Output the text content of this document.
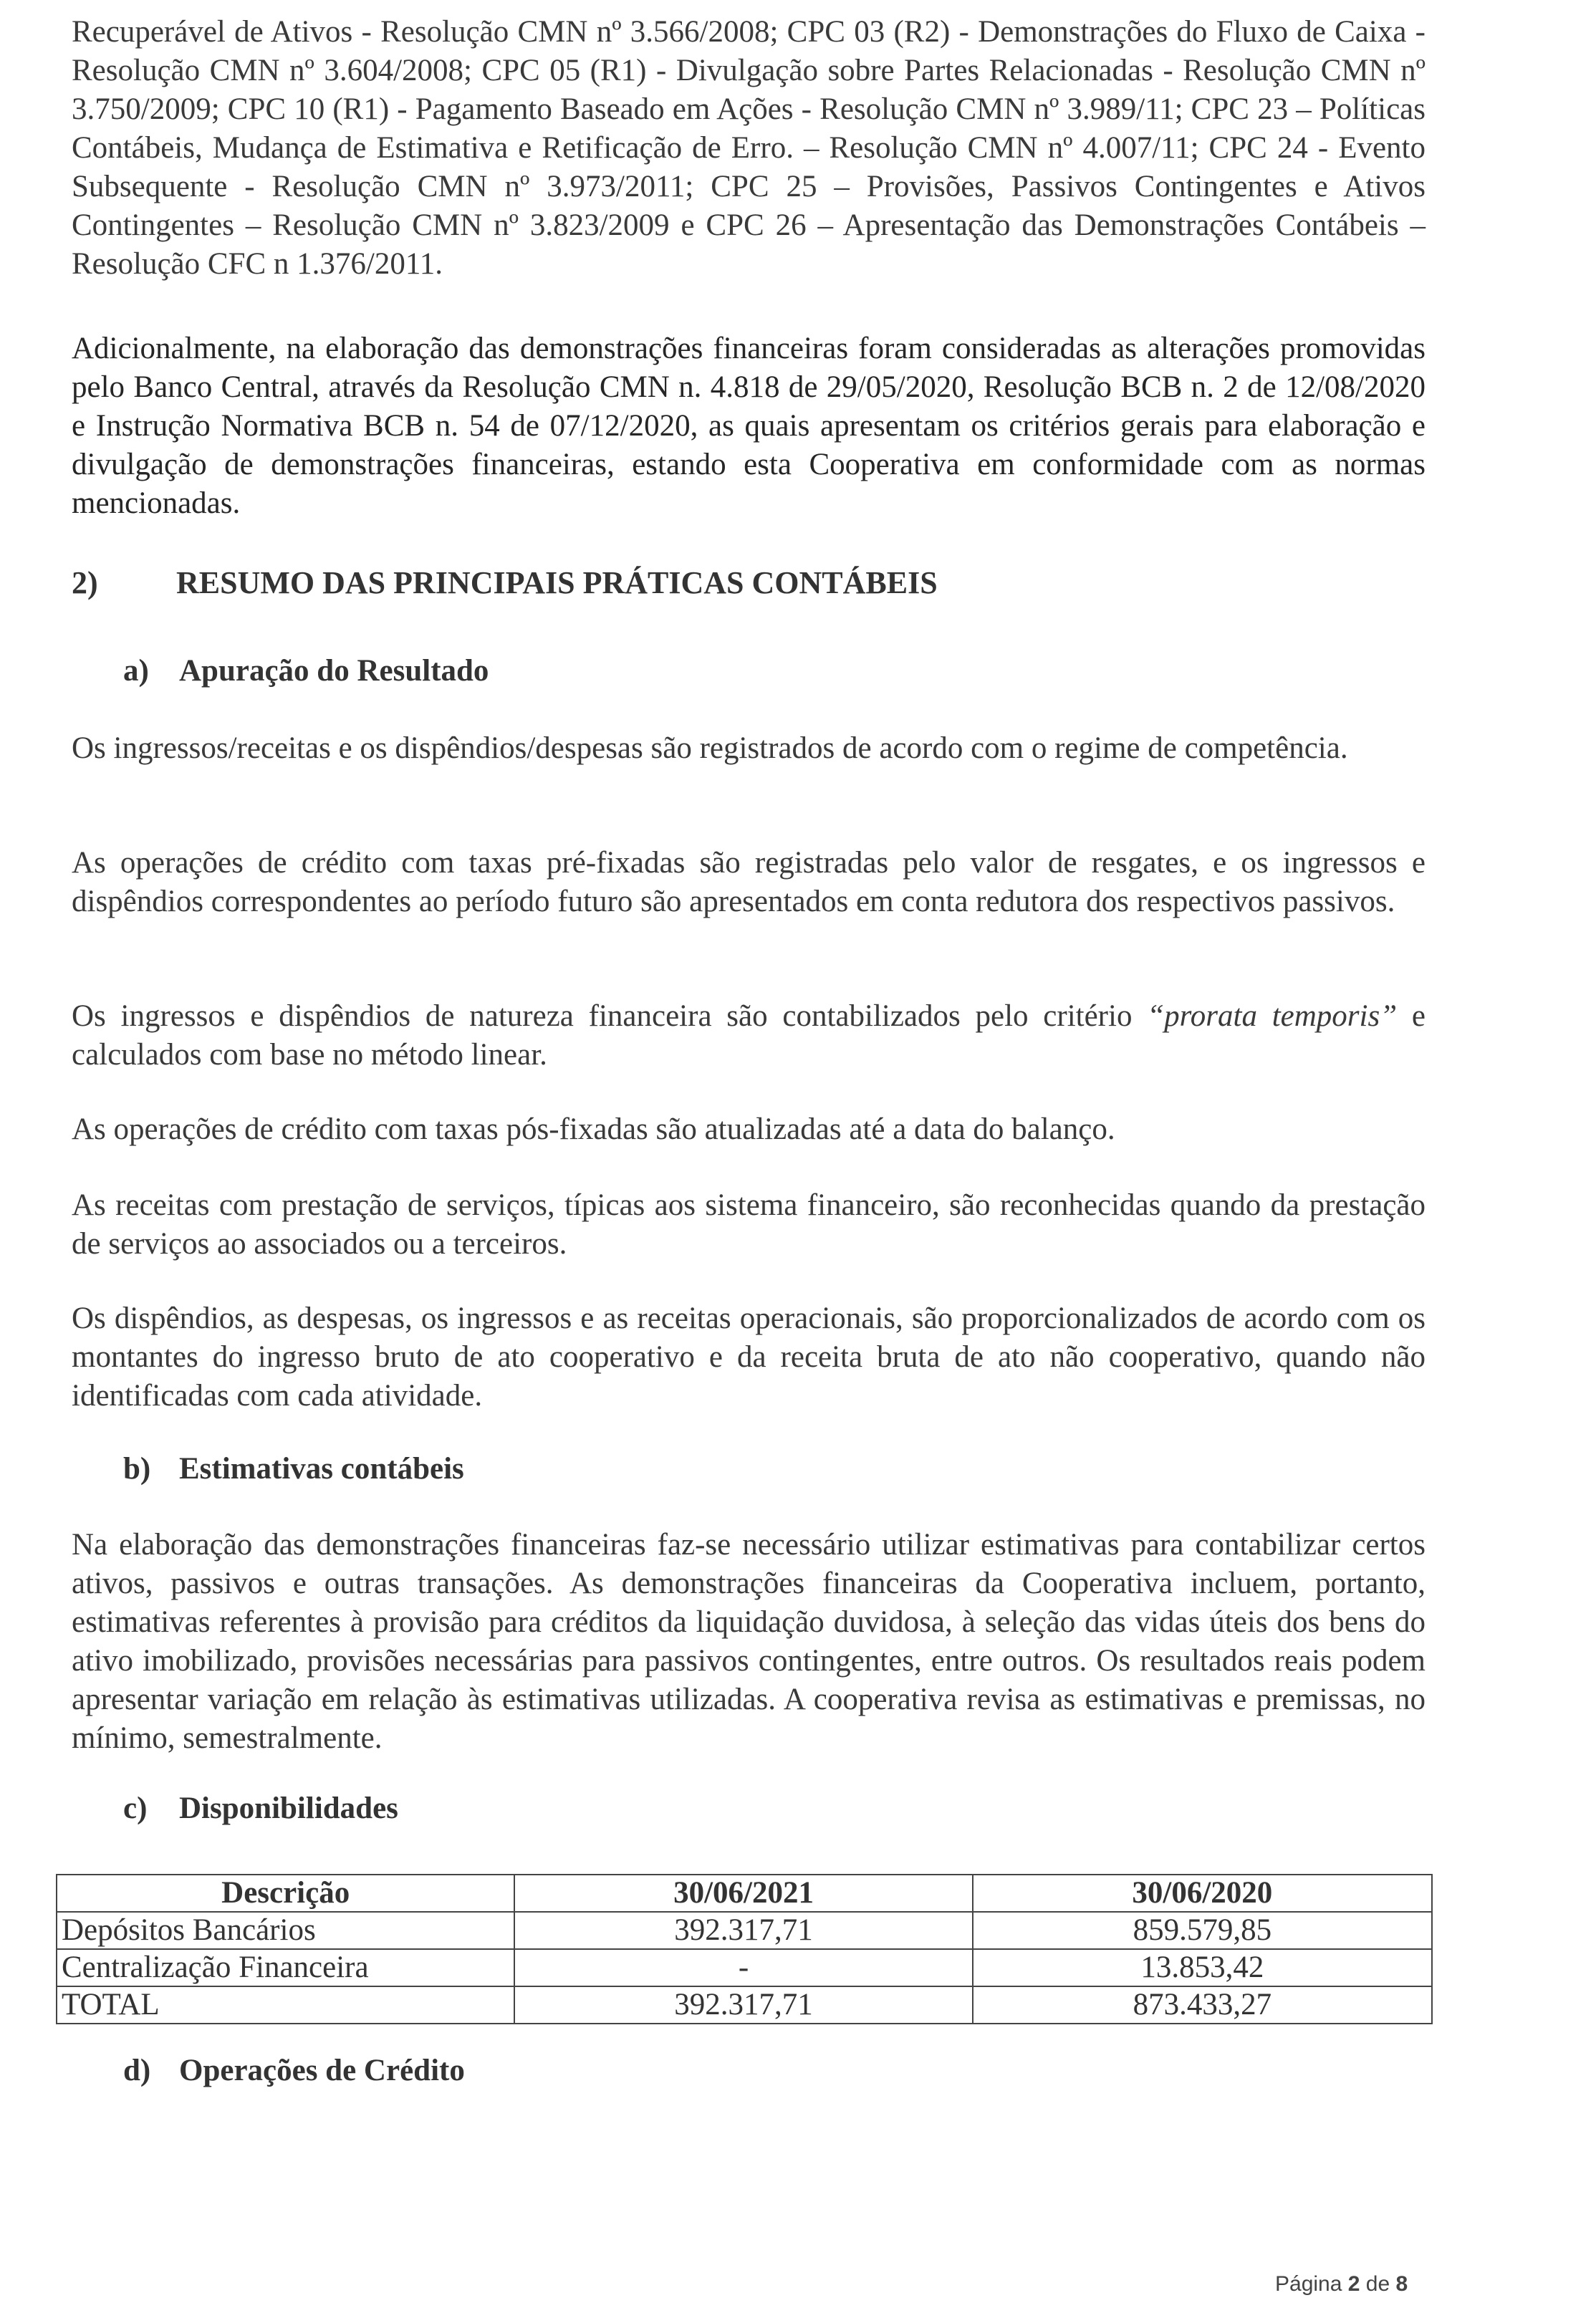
Recuperável de Ativos - Resolução CMN nº 3.566/2008; CPC 03 (R2) - Demonstrações do Fluxo de Caixa - Resolução CMN nº 3.604/2008; CPC 05 (R1) - Divulgação sobre Partes Relacionadas - Resolução CMN nº 3.750/2009; CPC 10 (R1) - Pagamento Baseado em Ações - Resolução CMN nº 3.989/11; CPC 23 – Políticas Contábeis, Mudança de Estimativa e Retificação de Erro. – Resolução CMN nº 4.007/11; CPC 24 - Evento Subsequente - Resolução CMN nº 3.973/2011; CPC 25 – Provisões, Passivos Contingentes e Ativos Contingentes – Resolução CMN nº 3.823/2009 e CPC 26 – Apresentação das Demonstrações Contábeis – Resolução CFC n 1.376/2011.

Adicionalmente, na elaboração das demonstrações financeiras foram consideradas as alterações promovidas pelo Banco Central, através da Resolução CMN n. 4.818 de 29/05/2020, Resolução BCB n. 2 de 12/08/2020 e Instrução Normativa BCB n. 54 de 07/12/2020, as quais apresentam os critérios gerais para elaboração e divulgação de demonstrações financeiras, estando esta Cooperativa em conformidade com as normas mencionadas.

2) RESUMO DAS PRINCIPAIS PRÁTICAS CONTÁBEIS
a) Apuração do Resultado

Os ingressos/receitas e os dispêndios/despesas são registrados de acordo com o regime de competência.

As operações de crédito com taxas pré-fixadas são registradas pelo valor de resgates, e os ingressos e dispêndios correspondentes ao período futuro são apresentados em conta redutora dos respectivos passivos.

Os ingressos e dispêndios de natureza financeira são contabilizados pelo critério “prorata temporis” e calculados com base no método linear.

As operações de crédito com taxas pós-fixadas são atualizadas até a data do balanço.

As receitas com prestação de serviços, típicas aos sistema financeiro, são reconhecidas quando da prestação de serviços ao associados ou a terceiros.

Os dispêndios, as despesas, os ingressos e as receitas operacionais, são proporcionalizados de acordo com os montantes do ingresso bruto de ato cooperativo e da receita bruta de ato não cooperativo, quando não identificadas com cada atividade.

b) Estimativas contábeis

Na elaboração das demonstrações financeiras faz-se necessário utilizar estimativas para contabilizar certos ativos, passivos e outras transações. As demonstrações financeiras da Cooperativa incluem, portanto, estimativas referentes à provisão para créditos da liquidação duvidosa, à seleção das vidas úteis dos bens do ativo imobilizado, provisões necessárias para passivos contingentes, entre outros. Os resultados reais podem apresentar variação em relação às estimativas utilizadas. A cooperativa revisa as estimativas e premissas, no mínimo, semestralmente.

c) Disponibilidades
Descrição	30/06/2021	30/06/2020
Depósitos Bancários	392.317,71	859.579,85
Centralização Financeira	-	13.853,42
TOTAL	392.317,71	873.433,27
d) Operações de Crédito
Página 2 de 8
